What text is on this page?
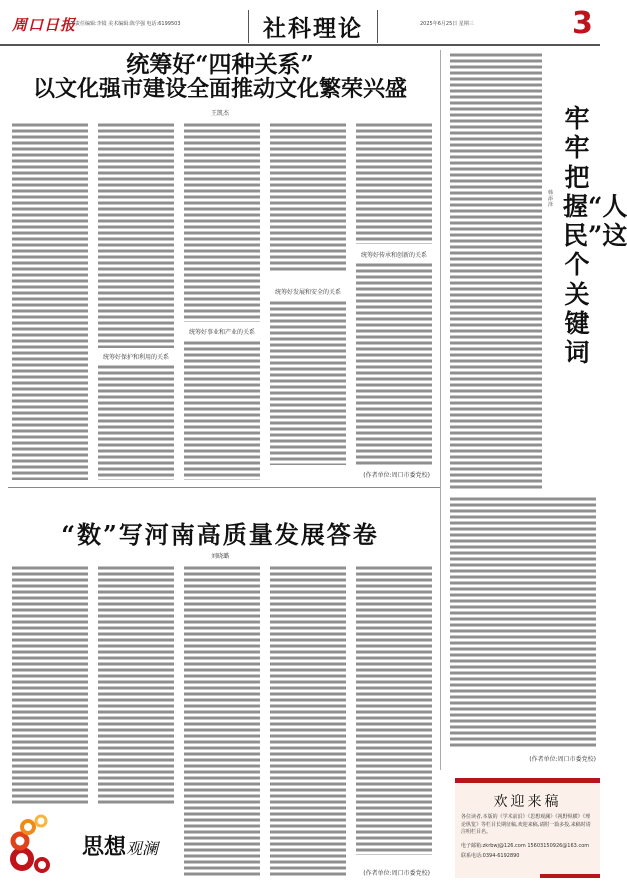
周口日报
责任编辑:李镜 美术编辑:陈学强 电话:6199503	社科理论	2025年6月25日 星期三	3
统筹好“四种关系”
以文化强市建设全面推动文化繁荣兴盛
王凯杰
统筹好保护和利用的关系
统筹好事业和产业的关系
统筹好发展和安全的关系
统筹好传承和创新的关系
(作者单位:周口市委党校)
“数”写河南高质量发展答卷
刘晓璐
(作者单位:周口市委党校)
思想观澜
牢牢把握“人民”这个关键词
韩添泽
(作者单位:周口市委党校)
欢迎来稿

各位读者,本版的《学术前沿》《思想观澜》《视野纵横》《理论纵览》等栏目长期征稿,欢迎来稿,请附一篇多投,来稿时请注明栏目名。

电子邮箱:zkrbwj@126.com 15603150926@163.com

联系电话:0394-6192890
